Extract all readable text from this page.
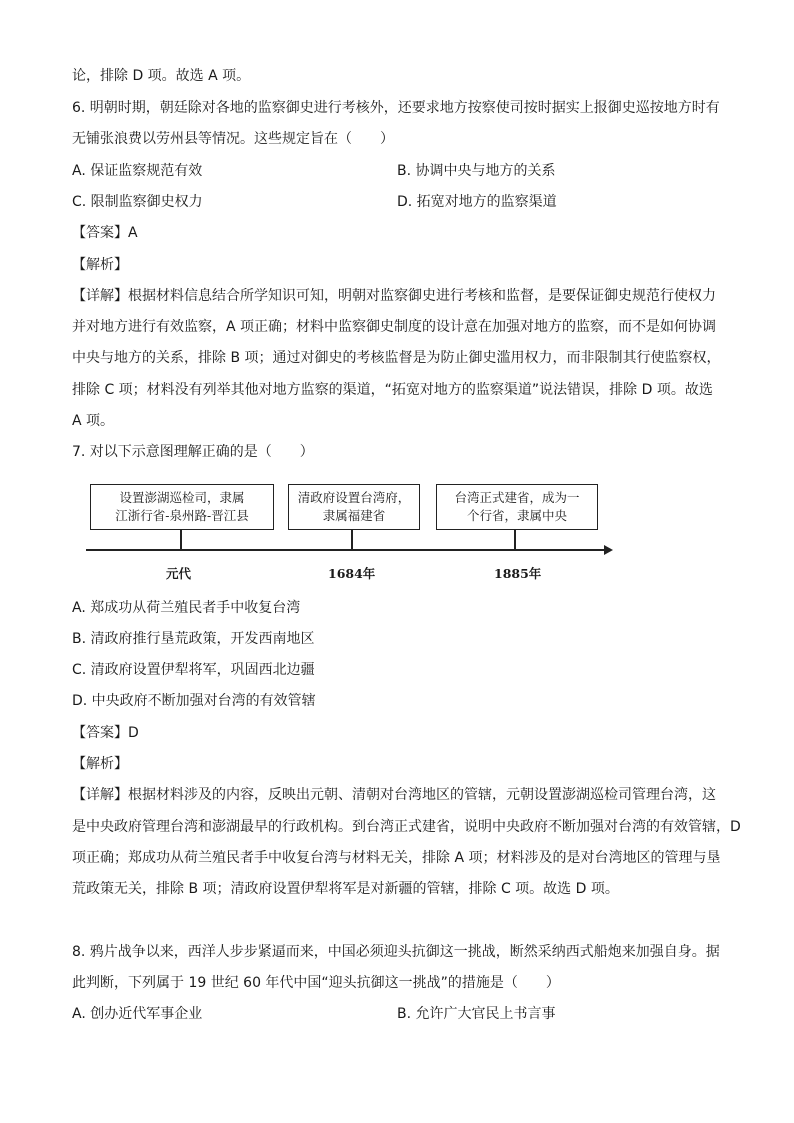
论，排除 D 项。故选 A 项。
6. 明朝时期，朝廷除对各地的监察御史进行考核外，还要求地方按察使司按时据实上报御史巡按地方时有
无铺张浪费以劳州县等情况。这些规定旨在（　　）
A. 保证监察规范有效	B. 协调中央与地方的关系
C. 限制监察御史权力	D. 拓宽对地方的监察渠道
【答案】A
【解析】
【详解】根据材料信息结合所学知识可知，明朝对监察御史进行考核和监督，是要保证御史规范行使权力
并对地方进行有效监察，A 项正确；材料中监察御史制度的设计意在加强对地方的监察，而不是如何协调
中央与地方的关系，排除 B 项；通过对御史的考核监督是为防止御史滥用权力，而非限制其行使监察权，
排除 C 项；材料没有列举其他对地方监察的渠道，“拓宽对地方的监察渠道”说法错误，排除 D 项。故选
A 项。
7. 对以下示意图理解正确的是（　　）
设置澎湖巡检司，隶属
江浙行省-泉州路-晋江县
清政府设置台湾府，
隶属福建省
台湾正式建省，成为一
个行省，隶属中央
元代	1684年	1885年
A. 郑成功从荷兰殖民者手中收复台湾
B. 清政府推行垦荒政策，开发西南地区
C. 清政府设置伊犁将军，巩固西北边疆
D. 中央政府不断加强对台湾的有效管辖
【答案】D
【解析】
【详解】根据材料涉及的内容，反映出元朝、清朝对台湾地区的管辖，元朝设置澎湖巡检司管理台湾，这
是中央政府管理台湾和澎湖最早的行政机构。到台湾正式建省，说明中央政府不断加强对台湾的有效管辖，D
项正确；郑成功从荷兰殖民者手中收复台湾与材料无关，排除 A 项；材料涉及的是对台湾地区的管理与垦
荒政策无关，排除 B 项；清政府设置伊犁将军是对新疆的管辖，排除 C 项。故选 D 项。
8. 鸦片战争以来，西洋人步步紧逼而来，中国必须迎头抗御这一挑战，断然采纳西式船炮来加强自身。据
此判断，下列属于 19 世纪 60 年代中国“迎头抗御这一挑战”的措施是（　　）
A. 创办近代军事企业	B. 允许广大官民上书言事
